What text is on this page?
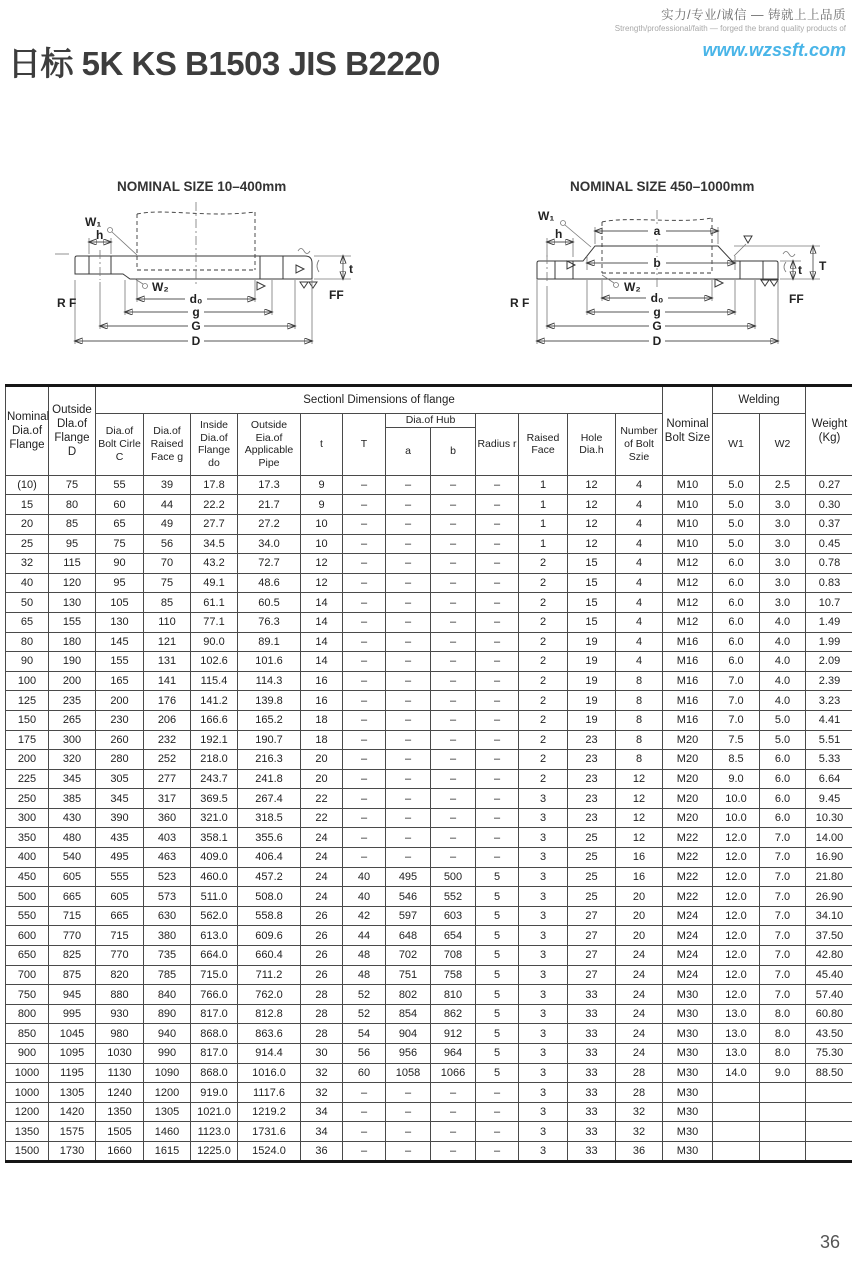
实力/专业/诚信 — 铸就上上品质
Strength/professional/faith — forged the brand quality products of
www.wzssft.com
日标 5K KS B1503 JIS B2220
NOMINAL SIZE 10–400mm	NOMINAL SIZE 450–1000mm
W₁
h
W₂
t
d₀
g
G
D
R F
FF
W₁
h	a
b
W₂
t T
d₀
g
G
D
R F	FF
Nominal Dia.of Flange	Outside Dla.of Flange D	Sectionl Dimensions of flange												Nominal Bolt Size	Welding		Weight (Kg)
		Dia.of Bolt Cirle C	Dia.of Raised Face g	Inside Dia.of Flange do	Outside Eia.of Applicable Pipe	t	T	Dia.of Hub		Radius r	Raised Face	Hole Dia.h	Number of Bolt Szie		W1	W2	
								a	b								
(10)	75	55	39	17.8	17.3	9	–	–	–	–	1	12	4	M10	5.0	2.5	0.27
15	80	60	44	22.2	21.7	9	–	–	–	–	1	12	4	M10	5.0	3.0	0.30
20	85	65	49	27.7	27.2	10	–	–	–	–	1	12	4	M10	5.0	3.0	0.37
25	95	75	56	34.5	34.0	10	–	–	–	–	1	12	4	M10	5.0	3.0	0.45
32	115	90	70	43.2	72.7	12	–	–	–	–	2	15	4	M12	6.0	3.0	0.78
40	120	95	75	49.1	48.6	12	–	–	–	–	2	15	4	M12	6.0	3.0	0.83
50	130	105	85	61.1	60.5	14	–	–	–	–	2	15	4	M12	6.0	3.0	10.7
65	155	130	110	77.1	76.3	14	–	–	–	–	2	15	4	M12	6.0	4.0	1.49
80	180	145	121	90.0	89.1	14	–	–	–	–	2	19	4	M16	6.0	4.0	1.99
90	190	155	131	102.6	101.6	14	–	–	–	–	2	19	4	M16	6.0	4.0	2.09
100	200	165	141	115.4	114.3	16	–	–	–	–	2	19	8	M16	7.0	4.0	2.39
125	235	200	176	141.2	139.8	16	–	–	–	–	2	19	8	M16	7.0	4.0	3.23
150	265	230	206	166.6	165.2	18	–	–	–	–	2	19	8	M16	7.0	5.0	4.41
175	300	260	232	192.1	190.7	18	–	–	–	–	2	23	8	M20	7.5	5.0	5.51
200	320	280	252	218.0	216.3	20	–	–	–	–	2	23	8	M20	8.5	6.0	5.33
225	345	305	277	243.7	241.8	20	–	–	–	–	2	23	12	M20	9.0	6.0	6.64
250	385	345	317	369.5	267.4	22	–	–	–	–	3	23	12	M20	10.0	6.0	9.45
300	430	390	360	321.0	318.5	22	–	–	–	–	3	23	12	M20	10.0	6.0	10.30
350	480	435	403	358.1	355.6	24	–	–	–	–	3	25	12	M22	12.0	7.0	14.00
400	540	495	463	409.0	406.4	24	–	–	–	–	3	25	16	M22	12.0	7.0	16.90
450	605	555	523	460.0	457.2	24	40	495	500	5	3	25	16	M22	12.0	7.0	21.80
500	665	605	573	511.0	508.0	24	40	546	552	5	3	25	20	M22	12.0	7.0	26.90
550	715	665	630	562.0	558.8	26	42	597	603	5	3	27	20	M24	12.0	7.0	34.10
600	770	715	380	613.0	609.6	26	44	648	654	5	3	27	20	M24	12.0	7.0	37.50
650	825	770	735	664.0	660.4	26	48	702	708	5	3	27	24	M24	12.0	7.0	42.80
700	875	820	785	715.0	711.2	26	48	751	758	5	3	27	24	M24	12.0	7.0	45.40
750	945	880	840	766.0	762.0	28	52	802	810	5	3	33	24	M30	12.0	7.0	57.40
800	995	930	890	817.0	812.8	28	52	854	862	5	3	33	24	M30	13.0	8.0	60.80
850	1045	980	940	868.0	863.6	28	54	904	912	5	3	33	24	M30	13.0	8.0	43.50
900	1095	1030	990	817.0	914.4	30	56	956	964	5	3	33	24	M30	13.0	8.0	75.30
1000	1195	1130	1090	868.0	1016.0	32	60	1058	1066	5	3	33	28	M30	14.0	9.0	88.50
1000	1305	1240	1200	919.0	1117.6	32	–	–	–	–	3	33	28	M30			
1200	1420	1350	1305	1021.0	1219.2	34	–	–	–	–	3	33	32	M30			
1350	1575	1505	1460	1123.0	1731.6	34	–	–	–	–	3	33	32	M30			
1500	1730	1660	1615	1225.0	1524.0	36	–	–	–	–	3	33	36	M30			
36
